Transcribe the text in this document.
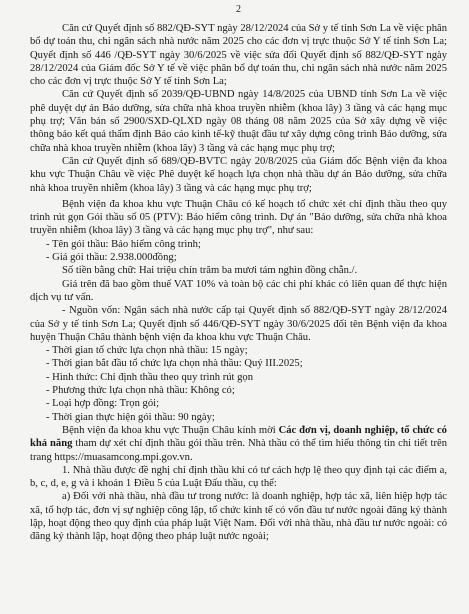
2

Căn cứ Quyết định số 882/QĐ-SYT ngày 28/12/2024 của Sở y tế tỉnh Sơn La về việc phân bổ dự toán thu, chi ngân sách nhà nước năm 2025 cho các đơn vị trực thuộc Sở Y tế tỉnh Sơn La; Quyết định số 446 /QĐ-SYT ngày 30/6/2025 về việc sửa đổi Quyết định số 882/QĐ-SYT ngày 28/12/2024 của Giám đốc Sở Y tế về việc phân bổ dự toán thu, chi ngân sách nhà nước năm 2025 cho các đơn vị trực thuộc Sở Y tế tỉnh Sơn La;

Căn cứ Quyết định số 2039/QĐ-UBND ngày 14/8/2025 của UBND tỉnh Sơn La về việc phê duyệt dự án Bảo dưỡng, sửa chữa nhà khoa truyền nhiễm (khoa lây) 3 tầng và các hạng mục phụ trợ; Văn bản số 2900/SXD-QLXD ngày 08 tháng 08 năm 2025 của Sở xây dựng về việc thông báo kết quả thẩm định Báo cáo kinh tế-kỹ thuật đầu tư xây dựng công trình Bảo dưỡng, sửa chữa nhà khoa truyền nhiễm (khoa lây) 3 tầng và các hạng mục phụ trợ;

Căn cứ Quyết định số 689/QĐ-BVTC ngày 20/8/2025 của Giám đốc Bệnh viện đa khoa khu vực Thuận Châu về việc Phê duyệt kế hoạch lựa chọn nhà thầu dự án Bảo dưỡng, sửa chữa nhà khoa truyền nhiễm (khoa lây) 3 tầng và các hạng mục phụ trợ;

Bệnh viện đa khoa khu vực Thuận Châu có kế hoạch tổ chức xét chỉ định thầu theo quy trình rút gọn Gói thầu số 05 (PTV): Bảo hiểm công trình. Dự án "Bảo dưỡng, sửa chữa nhà khoa truyền nhiễm (khoa lây) 3 tầng và các hạng mục phụ trợ", như sau:

- Tên gói thầu: Bảo hiểm công trình;

- Giá gói thầu: 2.938.000đồng;

Số tiền bằng chữ: Hai triệu chín trăm ba mươi tám nghìn đồng chẵn./.

Giá trên đã bao gồm thuế VAT 10% và toàn bộ các chi phí khác có liên quan để thực hiện dịch vụ tư vấn.

- Nguồn vốn: Ngân sách nhà nước cấp tại Quyết định số 882/QĐ-SYT ngày 28/12/2024 của Sở y tế tỉnh Sơn La; Quyết định số 446/QĐ-SYT ngày 30/6/2025 đối tên Bệnh viện đa khoa huyện Thuận Châu thành bệnh viện đa khoa khu vực Thuận Châu.

- Thời gian tổ chức lựa chọn nhà thầu: 15 ngày;

- Thời gian bắt đầu tổ chức lựa chọn nhà thầu: Quý III.2025;

- Hình thức: Chỉ định thầu theo quy trình rút gọn

- Phương thức lựa chọn nhà thầu: Không có;

- Loại hợp đồng: Trọn gói;

- Thời gian thực hiện gói thầu: 90 ngày;

Bệnh viện đa khoa khu vực Thuận Châu kính mời Các đơn vị, doanh nghiệp, tổ chức có khả năng tham dự xét chỉ định thầu gói thầu trên. Nhà thầu có thể tìm hiểu thông tin chi tiết trên trang https://muasamcong.mpi.gov.vn.

1. Nhà thầu được đề nghị chỉ định thầu khi có tư cách hợp lệ theo quy định tại các điểm a, b, c, d, e, g và i khoản 1 Điều 5 của Luật Đấu thầu, cụ thể:

a) Đối với nhà thầu, nhà đầu tư trong nước: là doanh nghiệp, hợp tác xã, liên hiệp hợp tác xã, tổ hợp tác, đơn vị sự nghiệp công lập, tổ chức kinh tế có vốn đầu tư nước ngoài đăng ký thành lập, hoạt động theo quy định của pháp luật Việt Nam. Đối với nhà thầu, nhà đầu tư nước ngoài: có đăng ký thành lập, hoạt động theo pháp luật nước ngoài;
